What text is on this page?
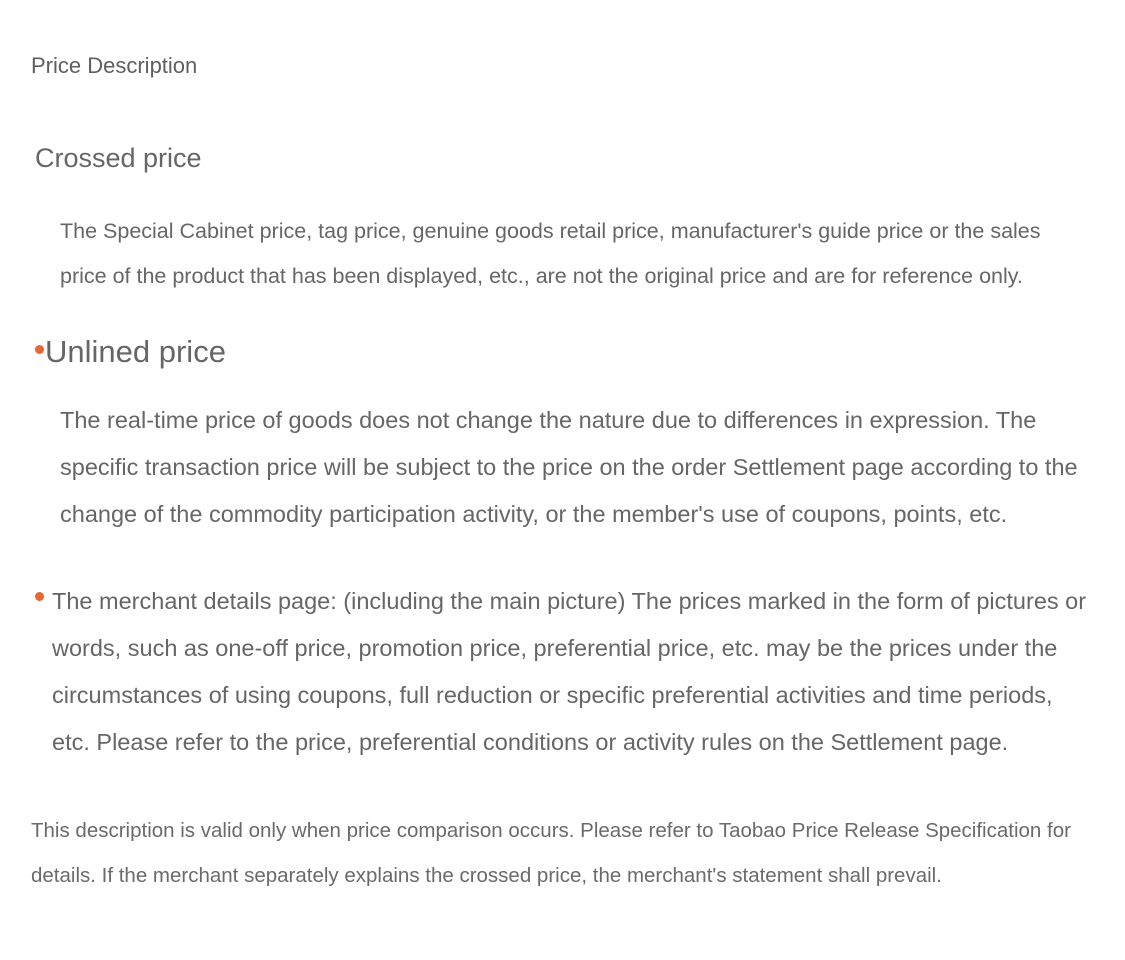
Price Description
Crossed price

The Special Cabinet price, tag price, genuine goods retail price, manufacturer's guide price or the sales price of the product that has been displayed, etc., are not the original price and are for reference only.

Unlined price

The real-time price of goods does not change the nature due to differences in expression. The specific transaction price will be subject to the price on the order Settlement page according to the change of the commodity participation activity, or the member's use of coupons, points, etc.

The merchant details page: (including the main picture) The prices marked in the form of pictures or words, such as one-off price, promotion price, preferential price, etc. may be the prices under the circumstances of using coupons, full reduction or specific preferential activities and time periods, etc. Please refer to the price, preferential conditions or activity rules on the Settlement page.

This description is valid only when price comparison occurs. Please refer to Taobao Price Release Specification for details. If the merchant separately explains the crossed price, the merchant's statement shall prevail.
